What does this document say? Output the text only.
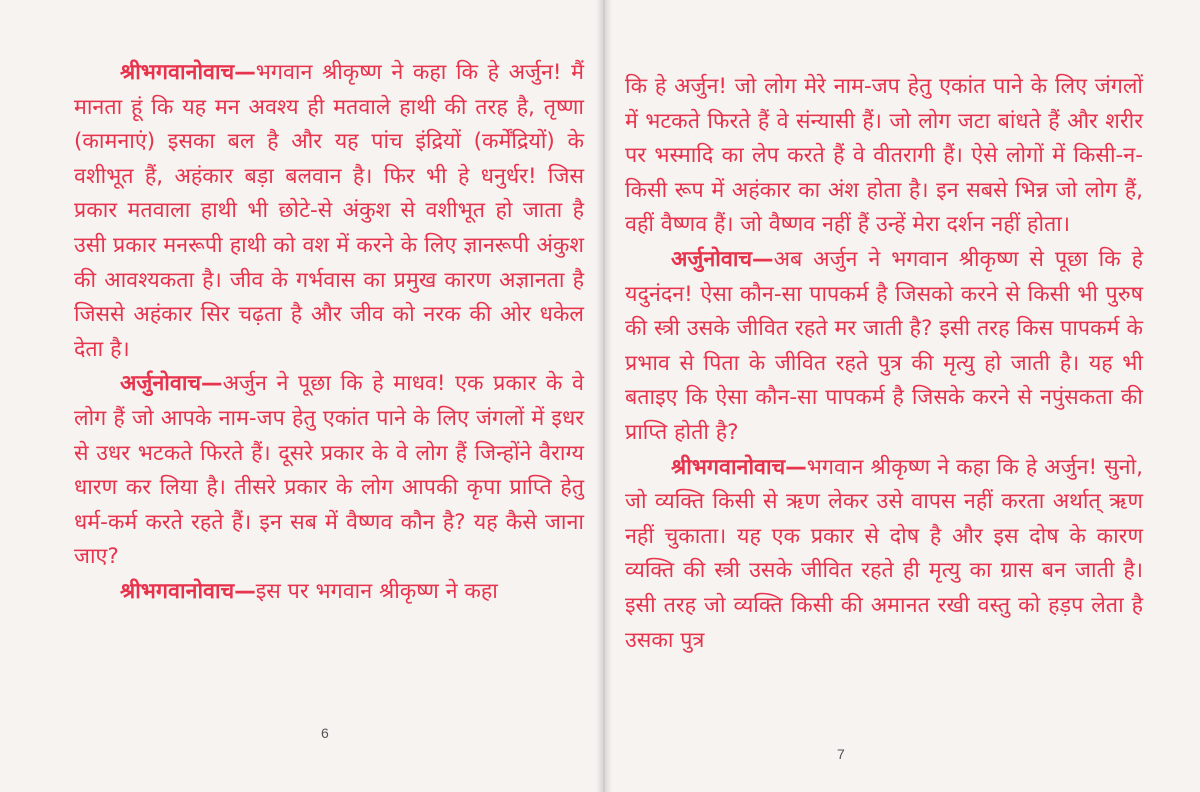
श्रीभगवानोवाच—भगवान श्रीकृष्ण ने कहा कि हे अर्जुन! मैं मानता हूं कि यह मन अवश्य ही मतवाले हाथी की तरह है, तृष्णा (कामनाएं) इसका बल है और यह पांच इंद्रियों (कर्मेंद्रियों) के वशीभूत हैं, अहंकार बड़ा बलवान है। फिर भी हे धनुर्धर! जिस प्रकार मतवाला हाथी भी छोटे-से अंकुश से वशीभूत हो जाता है उसी प्रकार मनरूपी हाथी को वश में करने के लिए ज्ञानरूपी अंकुश की आवश्यकता है। जीव के गर्भवास का प्रमुख कारण अज्ञानता है जिससे अहंकार सिर चढ़ता है और जीव को नरक की ओर धकेल देता है।

अर्जुनोवाच—अर्जुन ने पूछा कि हे माधव! एक प्रकार के वे लोग हैं जो आपके नाम-जप हेतु एकांत पाने के लिए जंगलों में इधर से उधर भटकते फिरते हैं। दूसरे प्रकार के वे लोग हैं जिन्होंने वैराग्य धारण कर लिया है। तीसरे प्रकार के लोग आपकी कृपा प्राप्ति हेतु धर्म-कर्म करते रहते हैं। इन सब में वैष्णव कौन है? यह कैसे जाना जाए?

श्रीभगवानोवाच—इस पर भगवान श्रीकृष्ण ने कहा

6

कि हे अर्जुन! जो लोग मेरे नाम-जप हेतु एकांत पाने के लिए जंगलों में भटकते फिरते हैं वे संन्यासी हैं। जो लोग जटा बांधते हैं और शरीर पर भस्मादि का लेप करते हैं वे वीतरागी हैं। ऐसे लोगों में किसी-न-किसी रूप में अहंकार का अंश होता है। इन सबसे भिन्न जो लोग हैं, वहीं वैष्णव हैं। जो वैष्णव नहीं हैं उन्हें मेरा दर्शन नहीं होता।

अर्जुनोवाच—अब अर्जुन ने भगवान श्रीकृष्ण से पूछा कि हे यदुनंदन! ऐसा कौन-सा पापकर्म है जिसको करने से किसी भी पुरुष की स्त्री उसके जीवित रहते मर जाती है? इसी तरह किस पापकर्म के प्रभाव से पिता के जीवित रहते पुत्र की मृत्यु हो जाती है। यह भी बताइए कि ऐसा कौन-सा पापकर्म है जिसके करने से नपुंसकता की प्राप्ति होती है?

श्रीभगवानोवाच—भगवान श्रीकृष्ण ने कहा कि हे अर्जुन! सुनो, जो व्यक्ति किसी से ऋण लेकर उसे वापस नहीं करता अर्थात् ऋण नहीं चुकाता। यह एक प्रकार से दोष है और इस दोष के कारण व्यक्ति की स्त्री उसके जीवित रहते ही मृत्यु का ग्रास बन जाती है। इसी तरह जो व्यक्ति किसी की अमानत रखी वस्तु को हड़प लेता है उसका पुत्र

7
